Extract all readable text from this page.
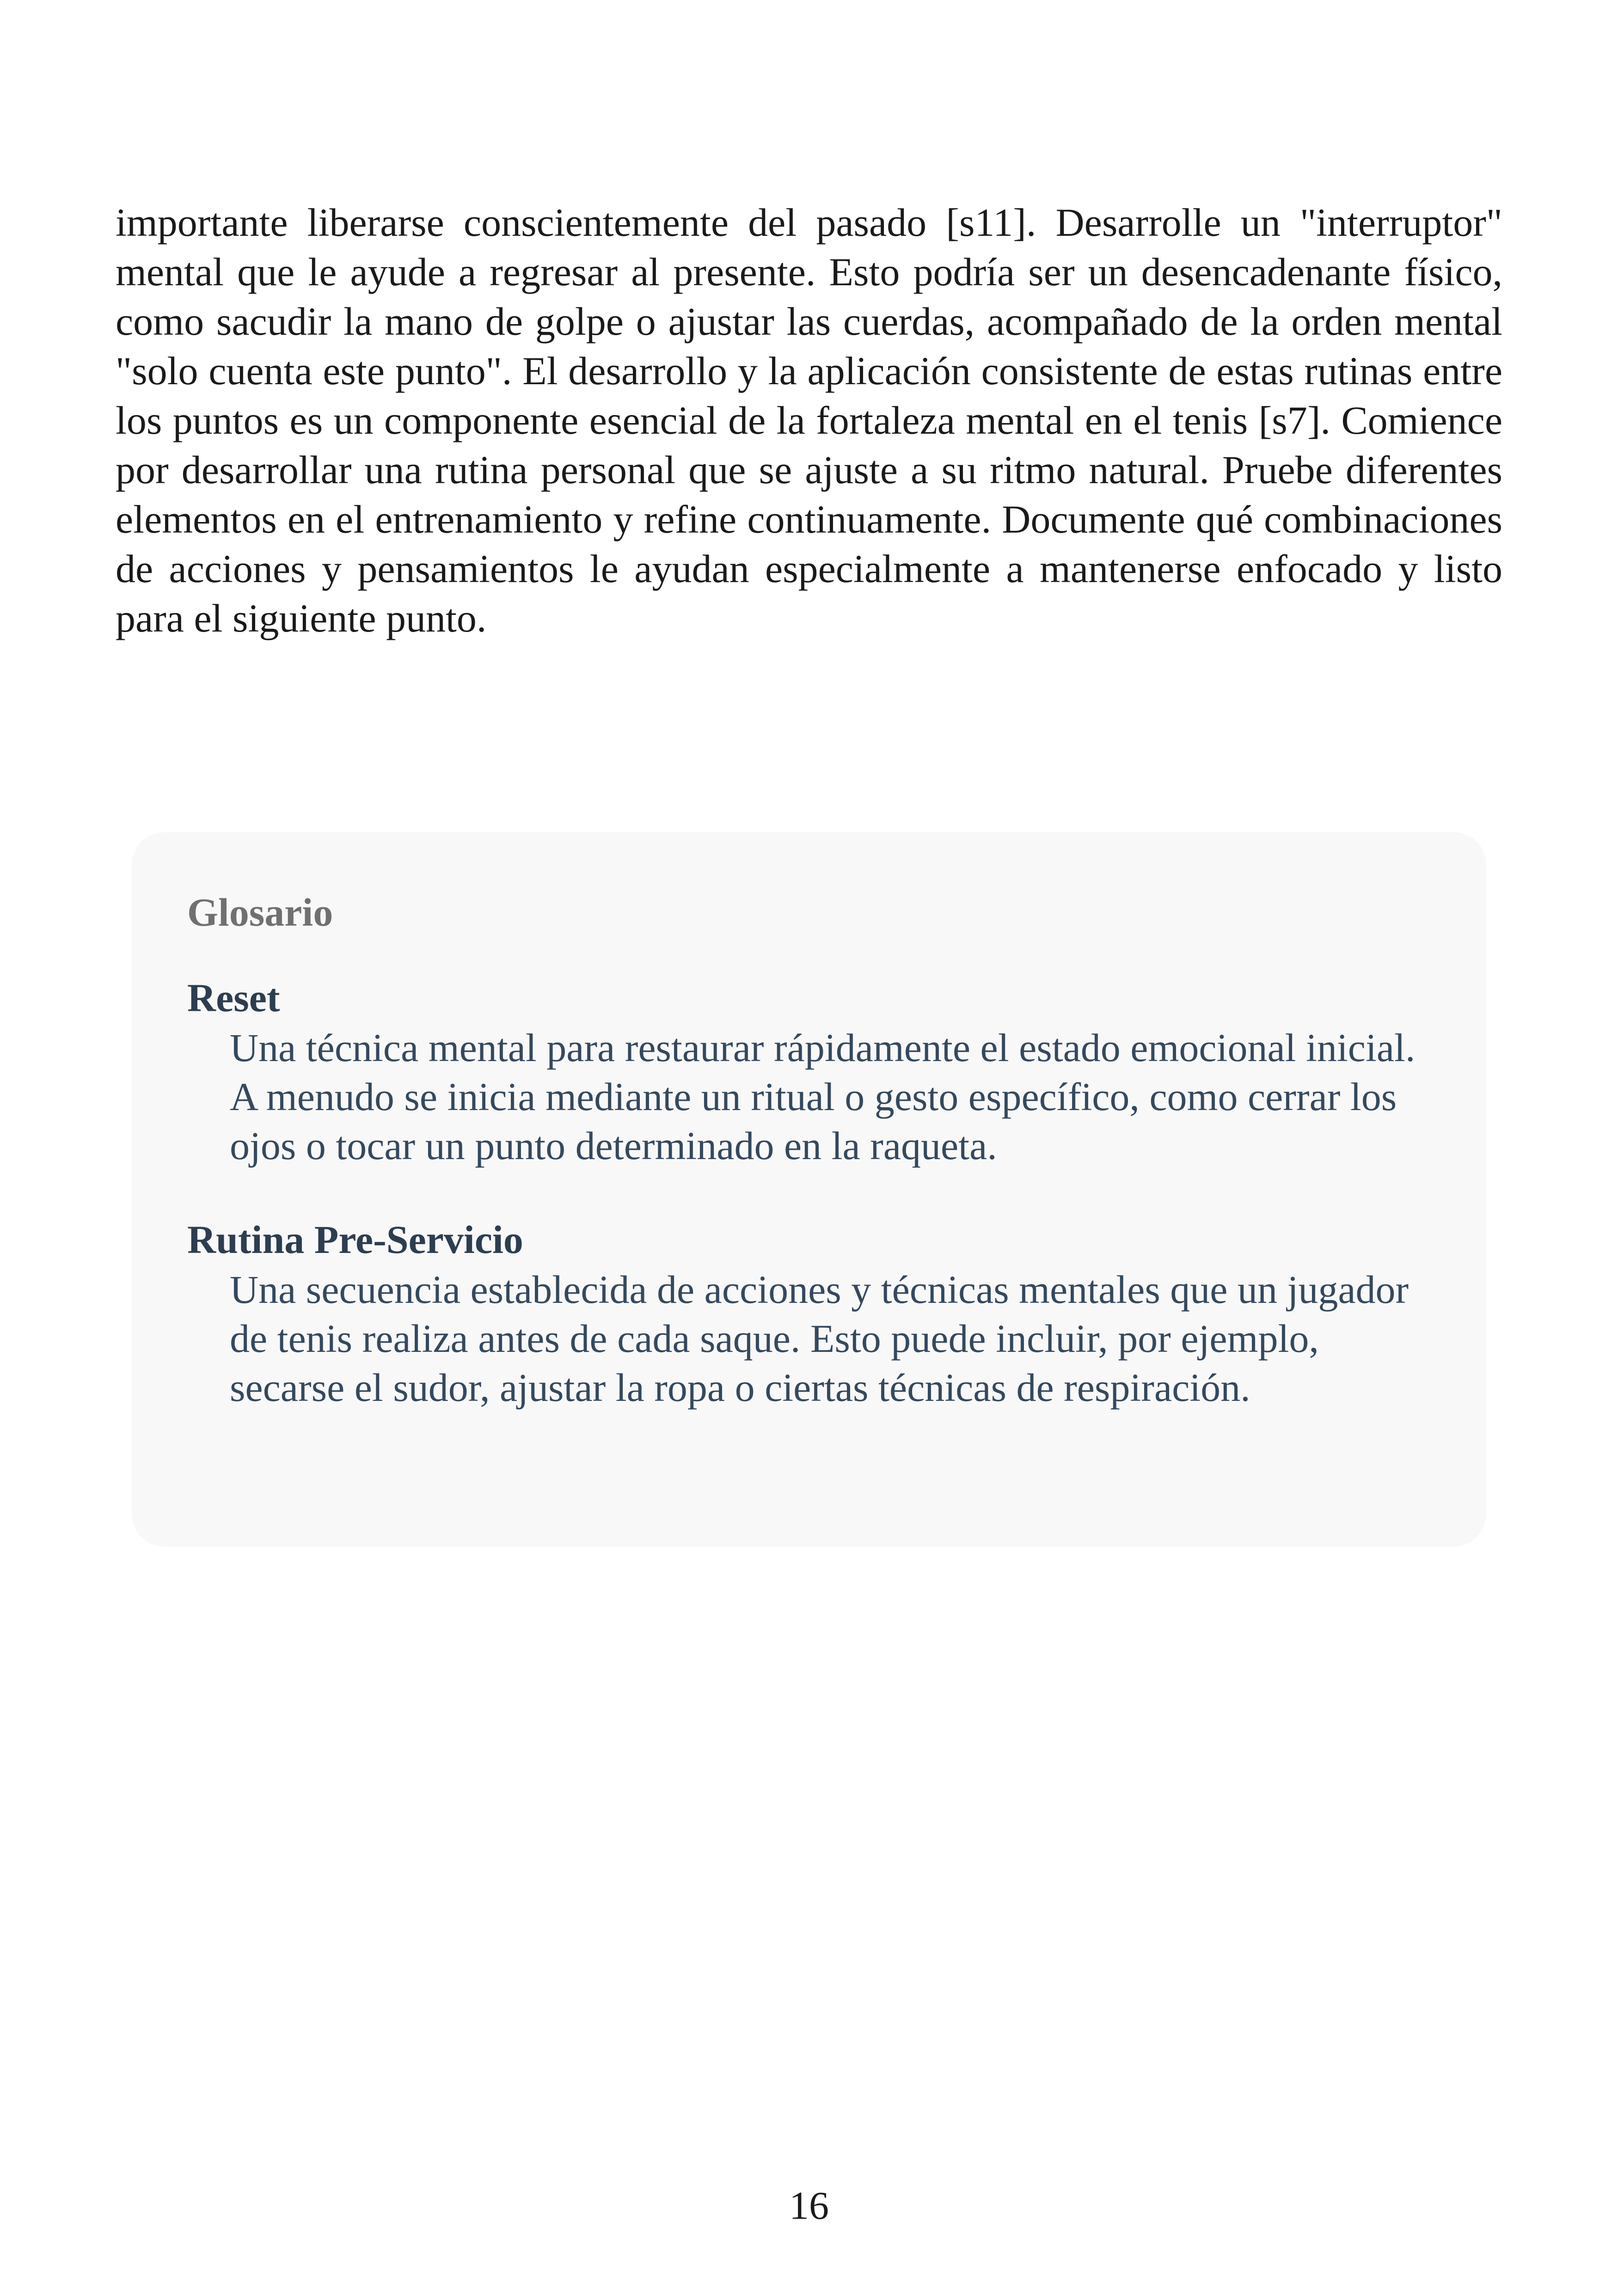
importante liberarse conscientemente del pasado [s11]. Desarrolle un "interruptor" mental que le ayude a regresar al presente. Esto podría ser un desencadenante físico, como sacudir la mano de golpe o ajustar las cuerdas, acompañado de la orden mental "solo cuenta este punto". El desarrollo y la aplicación consistente de estas rutinas entre los puntos es un componente esencial de la fortaleza mental en el tenis [s7]. Comience por desarrollar una rutina personal que se ajuste a su ritmo natural. Pruebe diferentes elementos en el entrenamiento y refine continuamente. Documente qué combinaciones de acciones y pensamientos le ayudan especialmente a mantenerse enfocado y listo para el siguiente punto.

Glosario
Reset
Una técnica mental para restaurar rápidamente el estado emocional inicial. A menudo se inicia mediante un ritual o gesto específico, como cerrar los ojos o tocar un punto determinado en la raqueta.
Rutina Pre-Servicio
Una secuencia establecida de acciones y técnicas mentales que un jugador de tenis realiza antes de cada saque. Esto puede incluir, por ejemplo, secarse el sudor, ajustar la ropa o ciertas técnicas de respiración.
16
